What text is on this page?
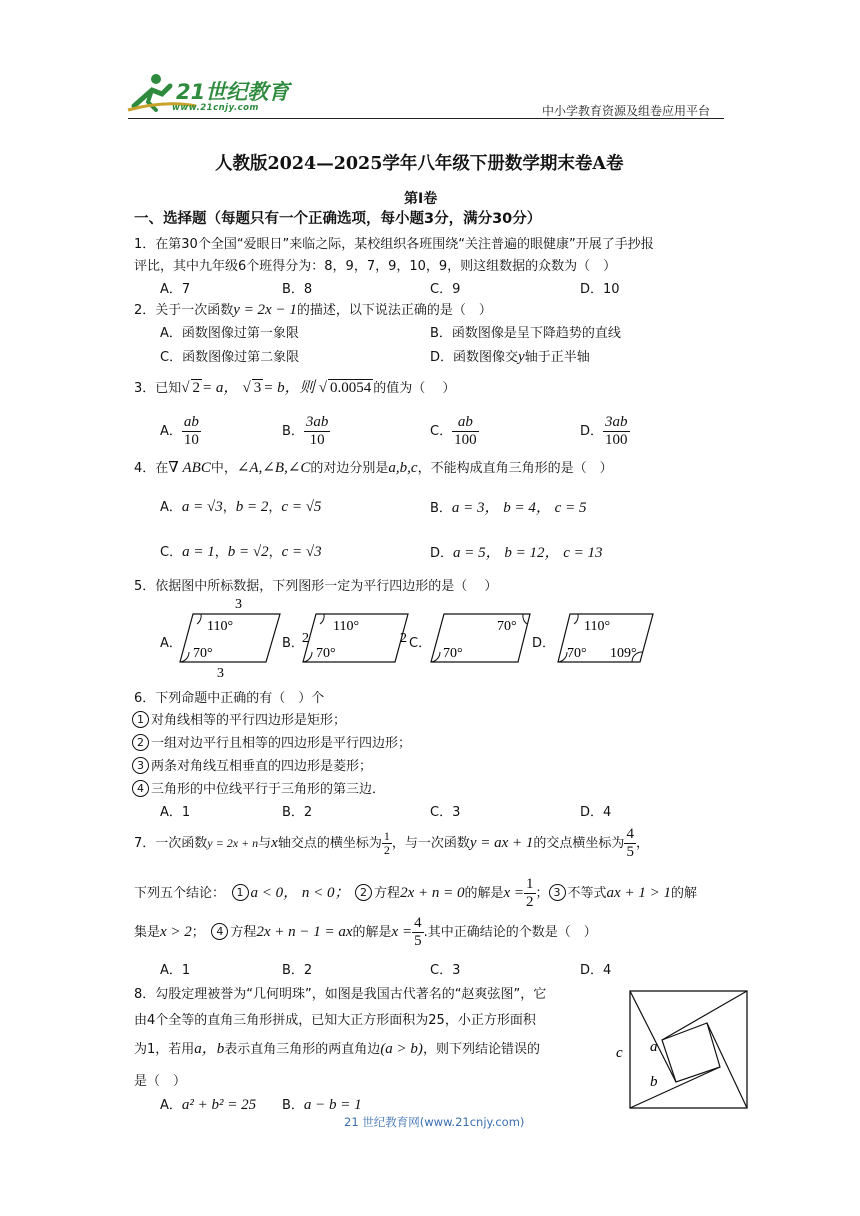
21世纪教育
www.21cnjy.com	中小学教育资源及组卷应用平台
人教版2024—2025学年八年级下册数学期末卷A卷
第Ⅰ卷
一、选择题（每题只有一个正确选项，每小题3分，满分30分）
1．在第30个全国“爱眼日”来临之际，某校组织各班围绕“关注普遍的眼健康”开展了手抄报
评比，其中九年级6个班得分为：8，9，7，9，10，9，则这组数据的众数为（　）
A．7	B．8	C．9	D．10
2．关于一次函数y = 2x − 1的描述，以下说法正确的是（　）
A．函数图像过第一象限	B．函数图像是呈下降趋势的直线
C．函数图像过第二象限	D．函数图像交y轴于正半轴
3．已知√ 2 = a， √ 3 = b，则 √ 0.0054 的值为（　 ）
A． $\frac{ab}{10}$	B． $\frac{3ab}{10}$	C． $\frac{ab}{100}$	D． $\frac{3ab}{100}$
4．在∇ ABC中，∠A,∠B,∠C的对边分别是a,b,c，不能构成直角三角形的是（　）
A．a = √3，b = 2，c = √5	B．a = 3， b = 4， c = 5
C．a = 1，b = √2，c = √3	D．a = 5， b = 12， c = 13
5．依据图中所标数据，下列图形一定为平行四边形的是（　 ）
A．	B．	C．	D．
3
3
110°
70°
2	2
110°
70°
70°
70°
110°
70° 109°
6．下列命题中正确的有（　）个
1 对角线相等的平行四边形是矩形；
2 一组对边平行且相等的四边形是平行四边形；
3 两条对角线互相垂直的四边形是菱形；
4 三角形的中位线平行于三角形的第三边．
A．1	B．2	C．3	D．4
7．一次函数y = 2x + n与x轴交点的横坐标为 $\frac{1}{2}$ ，与一次函数y = ax + 1的交点横坐标为 $\frac{4}{5}$ ，
下列五个结论：　 1 a < 0， n < 0；　 2 方程2x + n = 0的解是$x = \frac{1}{2}$ ； 3 不等式ax + 1 > 1的解
集是x > 2；　 4 方程2x + n − 1 = ax的解是$x = \frac{4}{5}$ .其中正确结论的个数是（　）
A．1	B．2	C．3	D．4
8．勾股定理被誉为“几何明珠”，如图是我国古代著名的“赵爽弦图”，它
由4个全等的直角三角形拼成，已知大正方形面积为25，小正方形面积
为1，若用a，b表示直角三角形的两直角边(a > b)，则下列结论错误的
是（　）
A．a² + b² = 25 B．a − b = 1
c a
b
21 世纪教育网(www.21cnjy.com)
